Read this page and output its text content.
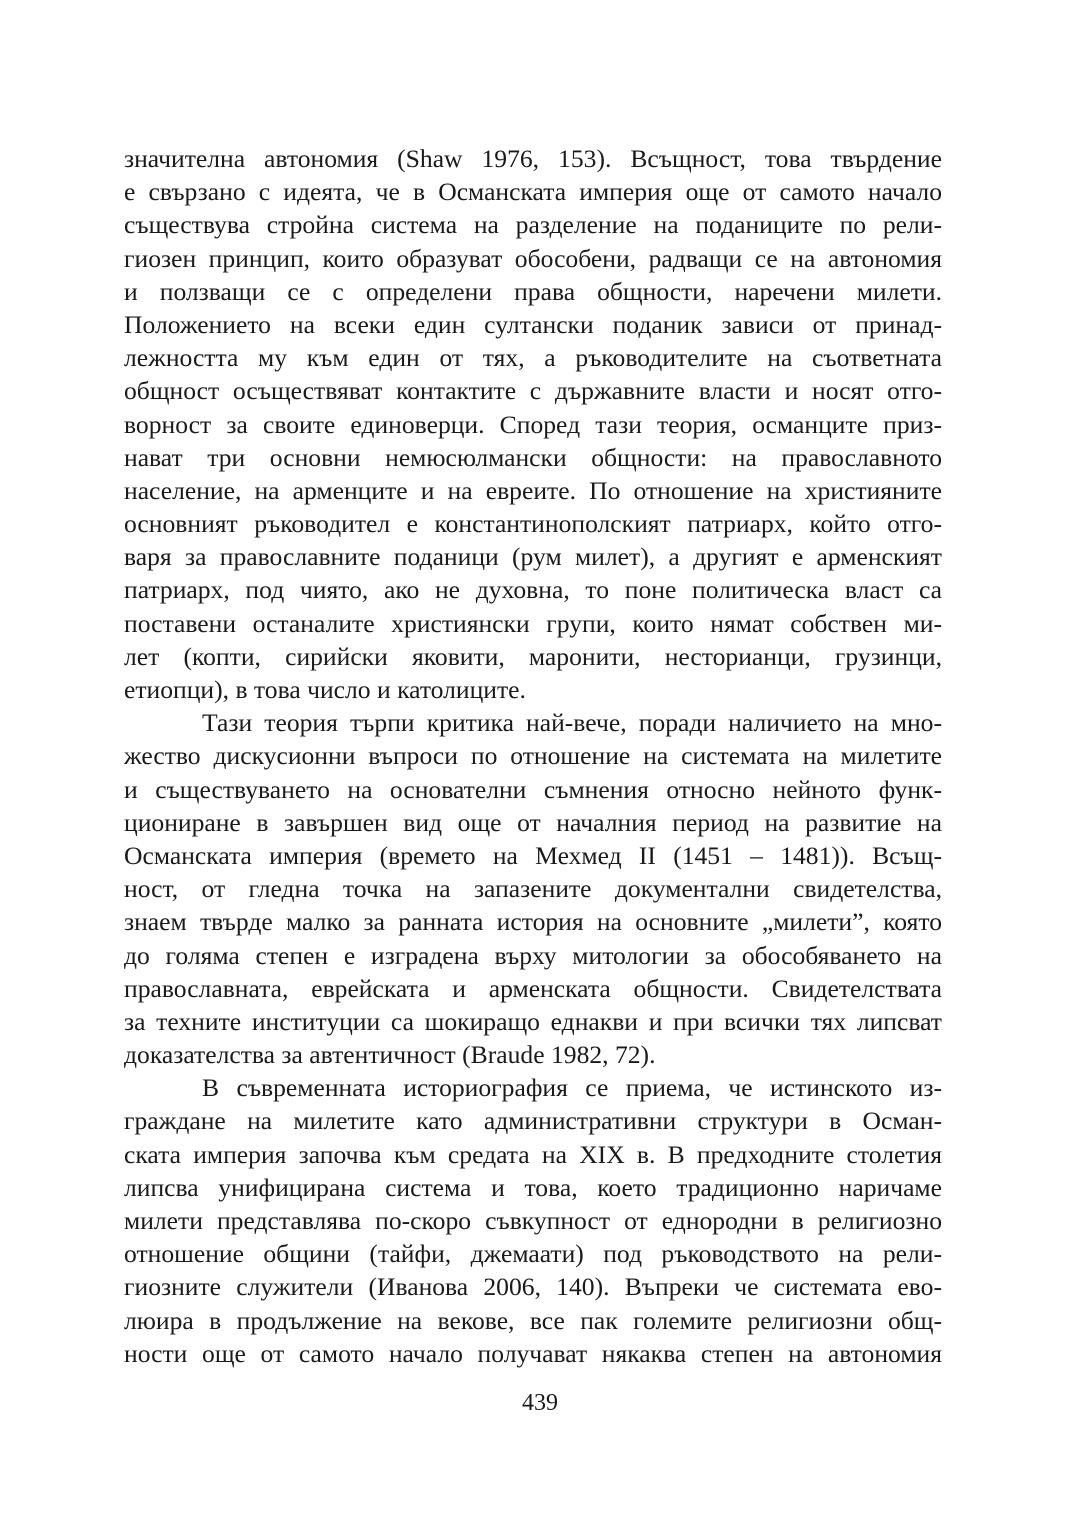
значителна автономия (Shaw 1976, 153). Всъщност, това твърдение
е свързано с идеята, че в Османската империя още от самото начало
съществува стройна система на разделение на поданиците по рели-
гиозен принцип, които образуват обособени, радващи се на автономия
и ползващи се с определени права общности, наречени милети.
Положението на всеки един султански поданик зависи от принад-
лежността му към един от тях, а ръководителите на съответната
общност осъществяват контактите с държавните власти и носят отго-
ворност за своите единоверци. Според тази теория, османците приз-
нават три основни немюсюлмански общности: на православното
население, на арменците и на евреите. По отношение на християните
основният ръководител е константинополският патриарх, който отго-
варя за православните поданици (рум милет), а другият е арменският
патриарх, под чиято, ако не духовна, то поне политическа власт са
поставени останалите християнски групи, които нямат собствен ми-
лет (копти, сирийски яковити, марoнити, несторианци, грузинци,
етиопци), в това число и католиците.
Тази теория търпи критика най-вече, поради наличието на мно-
жество дискусионни въпроси по отношение на системата на милетите
и съществуването на основателни съмнения относно нейното функ-
циониране в завършен вид още от началния период на развитие на
Османската империя (времето на Мехмед II (1451 – 1481)). Всъщ-
ност, от гледна точка на запазените документални свидетелства,
знаем твърде малко за ранната история на основните „милети”, която
до голяма степен е изградена върху митологии за обособяването на
православната, еврейската и арменската общности. Свидетелствата
за техните институции са шокиращо еднакви и при всички тях липсват
доказателства за автентичност (Braude 1982, 72).
В съвременната историография се приема, че истинското из-
граждане на милетите като административни структури в Осман-
ската империя започва към средата на XIX в. В предходните столетия
липсва унифицирана система и това, което традиционно наричаме
милети представлява по-скоро съвкупност от еднородни в религиозно
отношение общини (тайфи, джемаати) под ръководството на рели-
гиозните служители (Иванова 2006, 140). Въпреки че системата ево-
люира в продължение на векове, все пак големите религиозни общ-
ности още от самото начало получават някаква степен на автономия
439
